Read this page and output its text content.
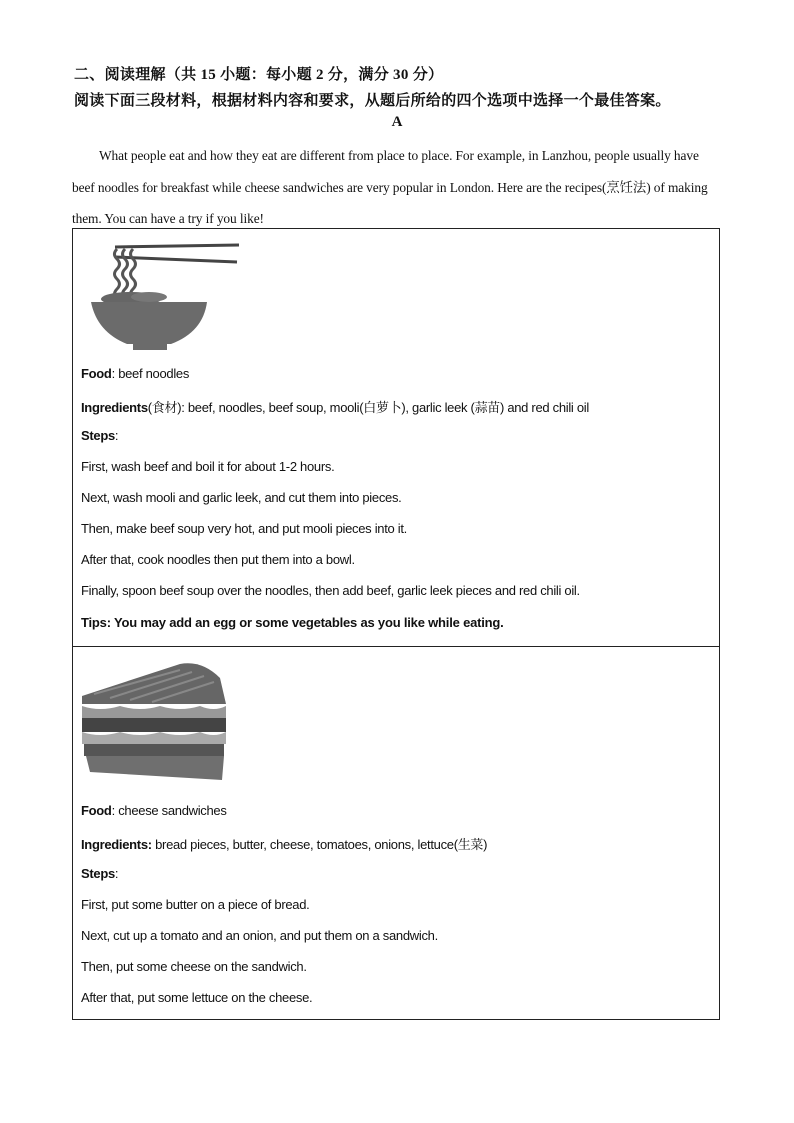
二、阅读理解（共 15 小题：每小题 2 分，满分 30 分）
阅读下面三段材料，根据材料内容和要求，从题后所给的四个选项中选择一个最佳答案。
A
What people eat and how they eat are different from place to place. For example, in Lanzhou, people usually have beef noodles for breakfast while cheese sandwiches are very popular in London. Here are the recipes(烹饪法) of making them. You can have a try if you like!
Food: beef noodles
Ingredients(食材): beef, noodles, beef soup, mooli(白萝卜), garlic leek (蒜苗) and red chili oil
Steps:
First, wash beef and boil it for about 1-2 hours.
Next, wash mooli and garlic leek, and cut them into pieces.
Then, make beef soup very hot, and put mooli pieces into it.
After that, cook noodles then put them into a bowl.
Finally, spoon beef soup over the noodles, then add beef, garlic leek pieces and red chili oil.
Tips: You may add an egg or some vegetables as you like while eating.
Food: cheese sandwiches
Ingredients: bread pieces, butter, cheese, tomatoes, onions, lettuce(生菜)
Steps:
First, put some butter on a piece of bread.
Next, cut up a tomato and an onion, and put them on a sandwich.
Then, put some cheese on the sandwich.
After that, put some lettuce on the cheese.
